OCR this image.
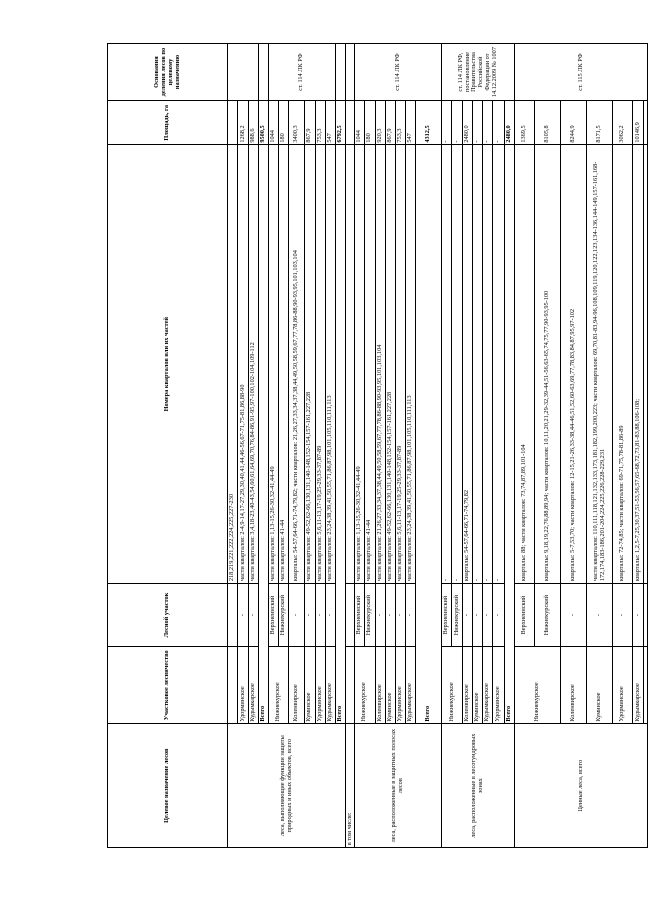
Целевое назначение лесов	Участковое лесничество	Лесной участок	Номера кварталов или их частей	Площадь, га	Основания деления лесов по целевому назначению
леса, выполняющие функции защиты природных и иных объектов, всего			218,219,221,222,224,225,227-230		
	Удорминское	-	части кварталов: 2-4,9-14,17-27,29,30,40,41,44,46-56,67-71,75-81,86,88-90	1268,2	
	Кудымкарское	-	части кварталов: 3,4,18-23,40-43,54,60,61,64,69,70,76,84-86,91-95,97-100,102-104,109-112	988,6	
	Всего			9500,5	
	Нижнекурское	Верхнеинский	части кварталов: 1,13-15,26-30,32-41,44-49	1044	ст. 114 ЛК РФ
		Нижнекурский	части кварталов: 41-44	180	
	Коленвирское	-	кварталы: 54-57,64-66,71-74,79,82; части кварталов: 21,26,27,33,34,37,38,44,49,50,58,59,67,77,78,86-88,90-93,95,101,103,104	3400,3	
	Куминское	-	части кварталов: 49-52,62-66,130,131,140-148,152-154,157-161,227,228	867,9	
	Удорминское	-	части кварталов: 5,6,11-13,17-19,25-29,33-37,87-89	753,3	
	Кудымкарское	-	части кварталов: 23,24,38,39,41,50,55,71,86,87,98,101,105,110,111,113	547	
	Всего			6792,5	
в том числе:					
леса, расположенные в защитных полосах лесов	Нижнекурское	Верхнеинский	части кварталов: 1,13-15,26-30,32-41,44-49	1044	ст. 114 ЛК РФ
		Нижнекурский	части кварталов: 41-44	180	
	Коленвирское	-	части кварталов: 21,26,27,33,34,37,38,44,49,50,58,59,67,77,78,86-88,90-93,95,101,103,104	920,3	
	Куминское	-	части кварталов: 49-52,62-66,130,131,140-148,152-154,157-161,227,228	867,9	
	Удорминское	-	части кварталов: 5,6,11-13,17-19,25-29,33-37,87-89	753,3	
	Кудымкарское	-	части кварталов: 23,24,38,39,41,50,55,71,86,87,98,101,105,110,111,113	547	
	Всего			4312,5	
леса, расположенные в лесотундровых зонах	Нижнекурское	Верхнеинский	-	-	ст. 114 ЛК РФ, постановление Правительства Российской Федерации от 14.12.2009 № 1007
		Нижнекурский	-	-	
	Коленвирское	-	кварталы: 54-57,64-66,71-74,79,82	2480,0	
	Куминское	-	-	-	
	Кудымкарское	-	-	-	
	Удорминское	-	-	-	
	Всего			2480,0	
Ценные леса, всего	Нижнекурское	Верхнеинский	кварталы: 88; части кварталов: 73,74,87,89,101-104	1369,5	ст. 115 ЛК РФ
		Нижнекурский	кварталы: 9,18,19,22,76,88,89,94; части кварталов: 10,11,20,21,29-32,39-44,51-56,63-65,74,75,77,90-93,95-100	8105,8	
	Коленвирское	-	кварталы: 5-7,53,70; части кварталов: 12-15,21-26,33-38,44-46,51,52,60-63,69,77,78,83,84,87,95,97-102	8244,9	
	Куминское	-	части кварталов: 110,111,118,121,132,133,173,181,182,199,200,223; части кварталов: 69,70,81-83,94-96,108,109,119,120,122,123,134-136,144-149,157-161,168-172,174,183-186,201-204,224,225,226,228-229,231	8171,5	
	Удорминское	-	кварталы: 72-74,85; части кварталов: 69-71,75,78-81,86-89	3062,2	
	Кудымкарское	-	кварталы: 1,2,5-7,25,30,37,51-53,56,57,65-68,72,73,81-83,88,106-108;	10146,9	
